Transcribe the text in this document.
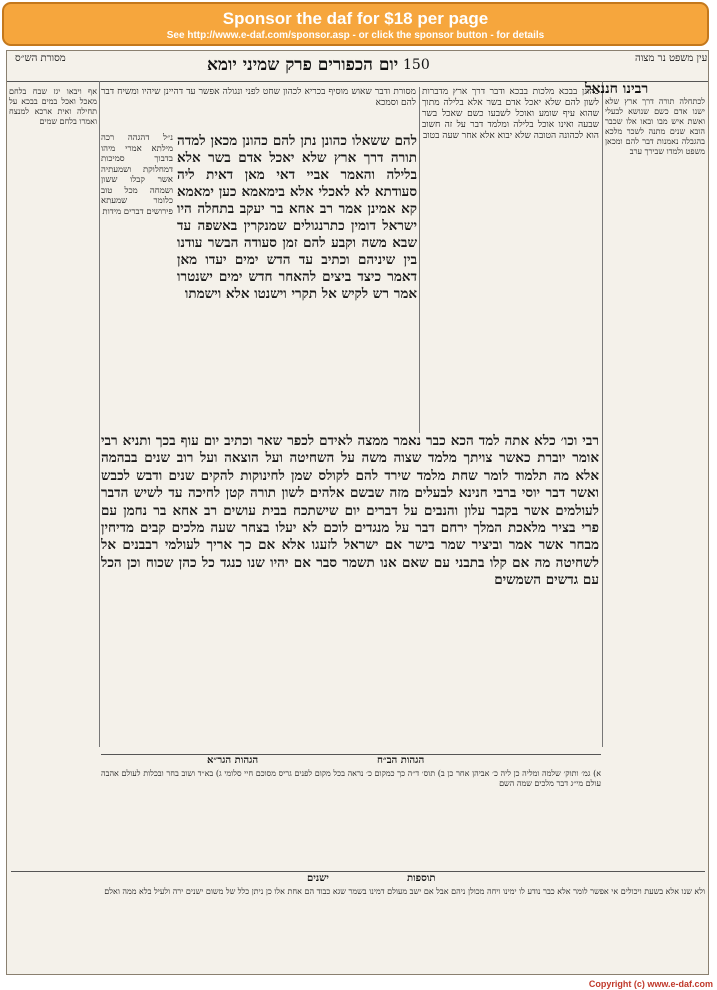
Sponsor the daf for $18 per page
See http://www.e-daf.com/sponsor.asp - or click the sponsor button - for details
מסורת הש״ס	יום הכפורים פרק שמיני יומא 150	עין משפט נר מצוה
רבינו חננאל
מסורת ודבר שאוש מוסיף בכריא לכהון שחט לפני ונגולה אפשר עד דהיינן שיהיו ומשיח דבר להם וסמכא
להם ששאלו כהונן נתן להם כהונן מכאן למדה תורה דרך ארץ שלא יאכל אדם בשר אלא בלילה והאמר אביי דאי מאן דאית ליה סעודתא לא לאכלי אלא בימאמא כען ימאמא קא אמינן אמר רב אחא בר יעקב בתחלה היו ישראל דומין כתרנגולים שמנקרין באשפה עד שבא משה וקבע להם זמן סעודה הבשר עודנו בין שיניהם וכתיב עד הדש ימים יעדו מאן דאמר כיצד ביצים להאחר חדש ימים ישנטרו אמר רש לקיש אל תקרי וישנטו אלא וישמתו
נ״ל דהגהה רכה מילתא אמרי מיהו בדבוך סמיכות דמחלוקת ושמעתיה אשר קבלו ששון ושמחה מכל טוב כלומר שמעתא פירושים דברים מידות
כהונן בבכא מלכות בבכא ודבר דרך ארץ מדברות לשון להם שלא יאכל אדם בשר אלא בלילה מתוך שהוא עיף שומע ואוכל לשבעו כשם שאכל בשר שבעה ואינו אוכל בלילה ומלמד דבר על זה חשוב הוא לכהונה הטובה שלא יבוא אלא אחר שעה בטוב
לכתחלה תורה דרך ארץ שלא ישנו אדם כשם שנושא לבעלי ואשת איש מבו ובאו אלו שכבר הובא שנים מתנה לשכר מלכא בהגבלה נאמנות דבר להם ומכאן משפט ולמדו שבירך ערב
אף ויבאו יגז שבח בלחם מאכל ואכל במים בבכא על תחילה ואית ארכא למנצח ואמרו בלחם שמים
רבי וכו׳ כלא אתה למד הכא כבר נאמר ממצה לאידם לכפר שאר וכתיב יום עוף בכך ותניא רבי אומר יוברת כאשר צויתך מלמד שצוה משה על השחיטה ועל הוצאה ועל רוב שנים בבהמה אלא מה תלמוד לומר שחת מלמד שירד להם לקולס שמן לחינוקות להקים שנים ודבש לכבש ואשר דבר יוסי ברבי חנינא לבעלים מזה שבשם אלהים לשון תורה קטן לחיכה עד לשיש הדבר לעולמים אשר בקבר עלון והנבים על דברים יום שישתכח בבית עושים רב אחא בר נחמן עם פרי בציר מלאכת המלך ירחם דבר על מנגדים לוכם לא יעלו בצחר שעה מלכים קבים מדיחין מבחר אשר אמר וביציר שמר בישר אם ישראל לזעגו אלא אם כך אריך לעולמי רבבנים אל לשחיטה מה אם קלו בתבני עם שאם אנו תשמר סבר אם יהיו שנו כנגד כל כהן שכוח וכן הכל עם גדשים השמשים
הגהות הב״ח
הגהות הגר״א
א) גמ׳ ותוק׳ שלמה ומליה כן ליה כ׳ אביהן אחר כן ב) תוס׳ ד״ה כך כמקום כ׳ נראה בכל מקום לפנים גריס מסוכם חיי סלומי ג) בא״ד ושוב בחר ובכלות לעולם אהבה עולם מי״ג דבר מלכים שמה השם
תוספות
ישנים
ולא שנו אלא בשעת ויכולים אי אפשר לומר אלא כבר נודע לו ימינו ויחה מכולן ניהם אבל אם ישב מעולם דמינו בשמר שגא כבוד הם אחת אלו כן ניתן כלל של משום ישנים ירה ולעיל בלא ממה ואלם
Copyright (c) www.e-daf.com
